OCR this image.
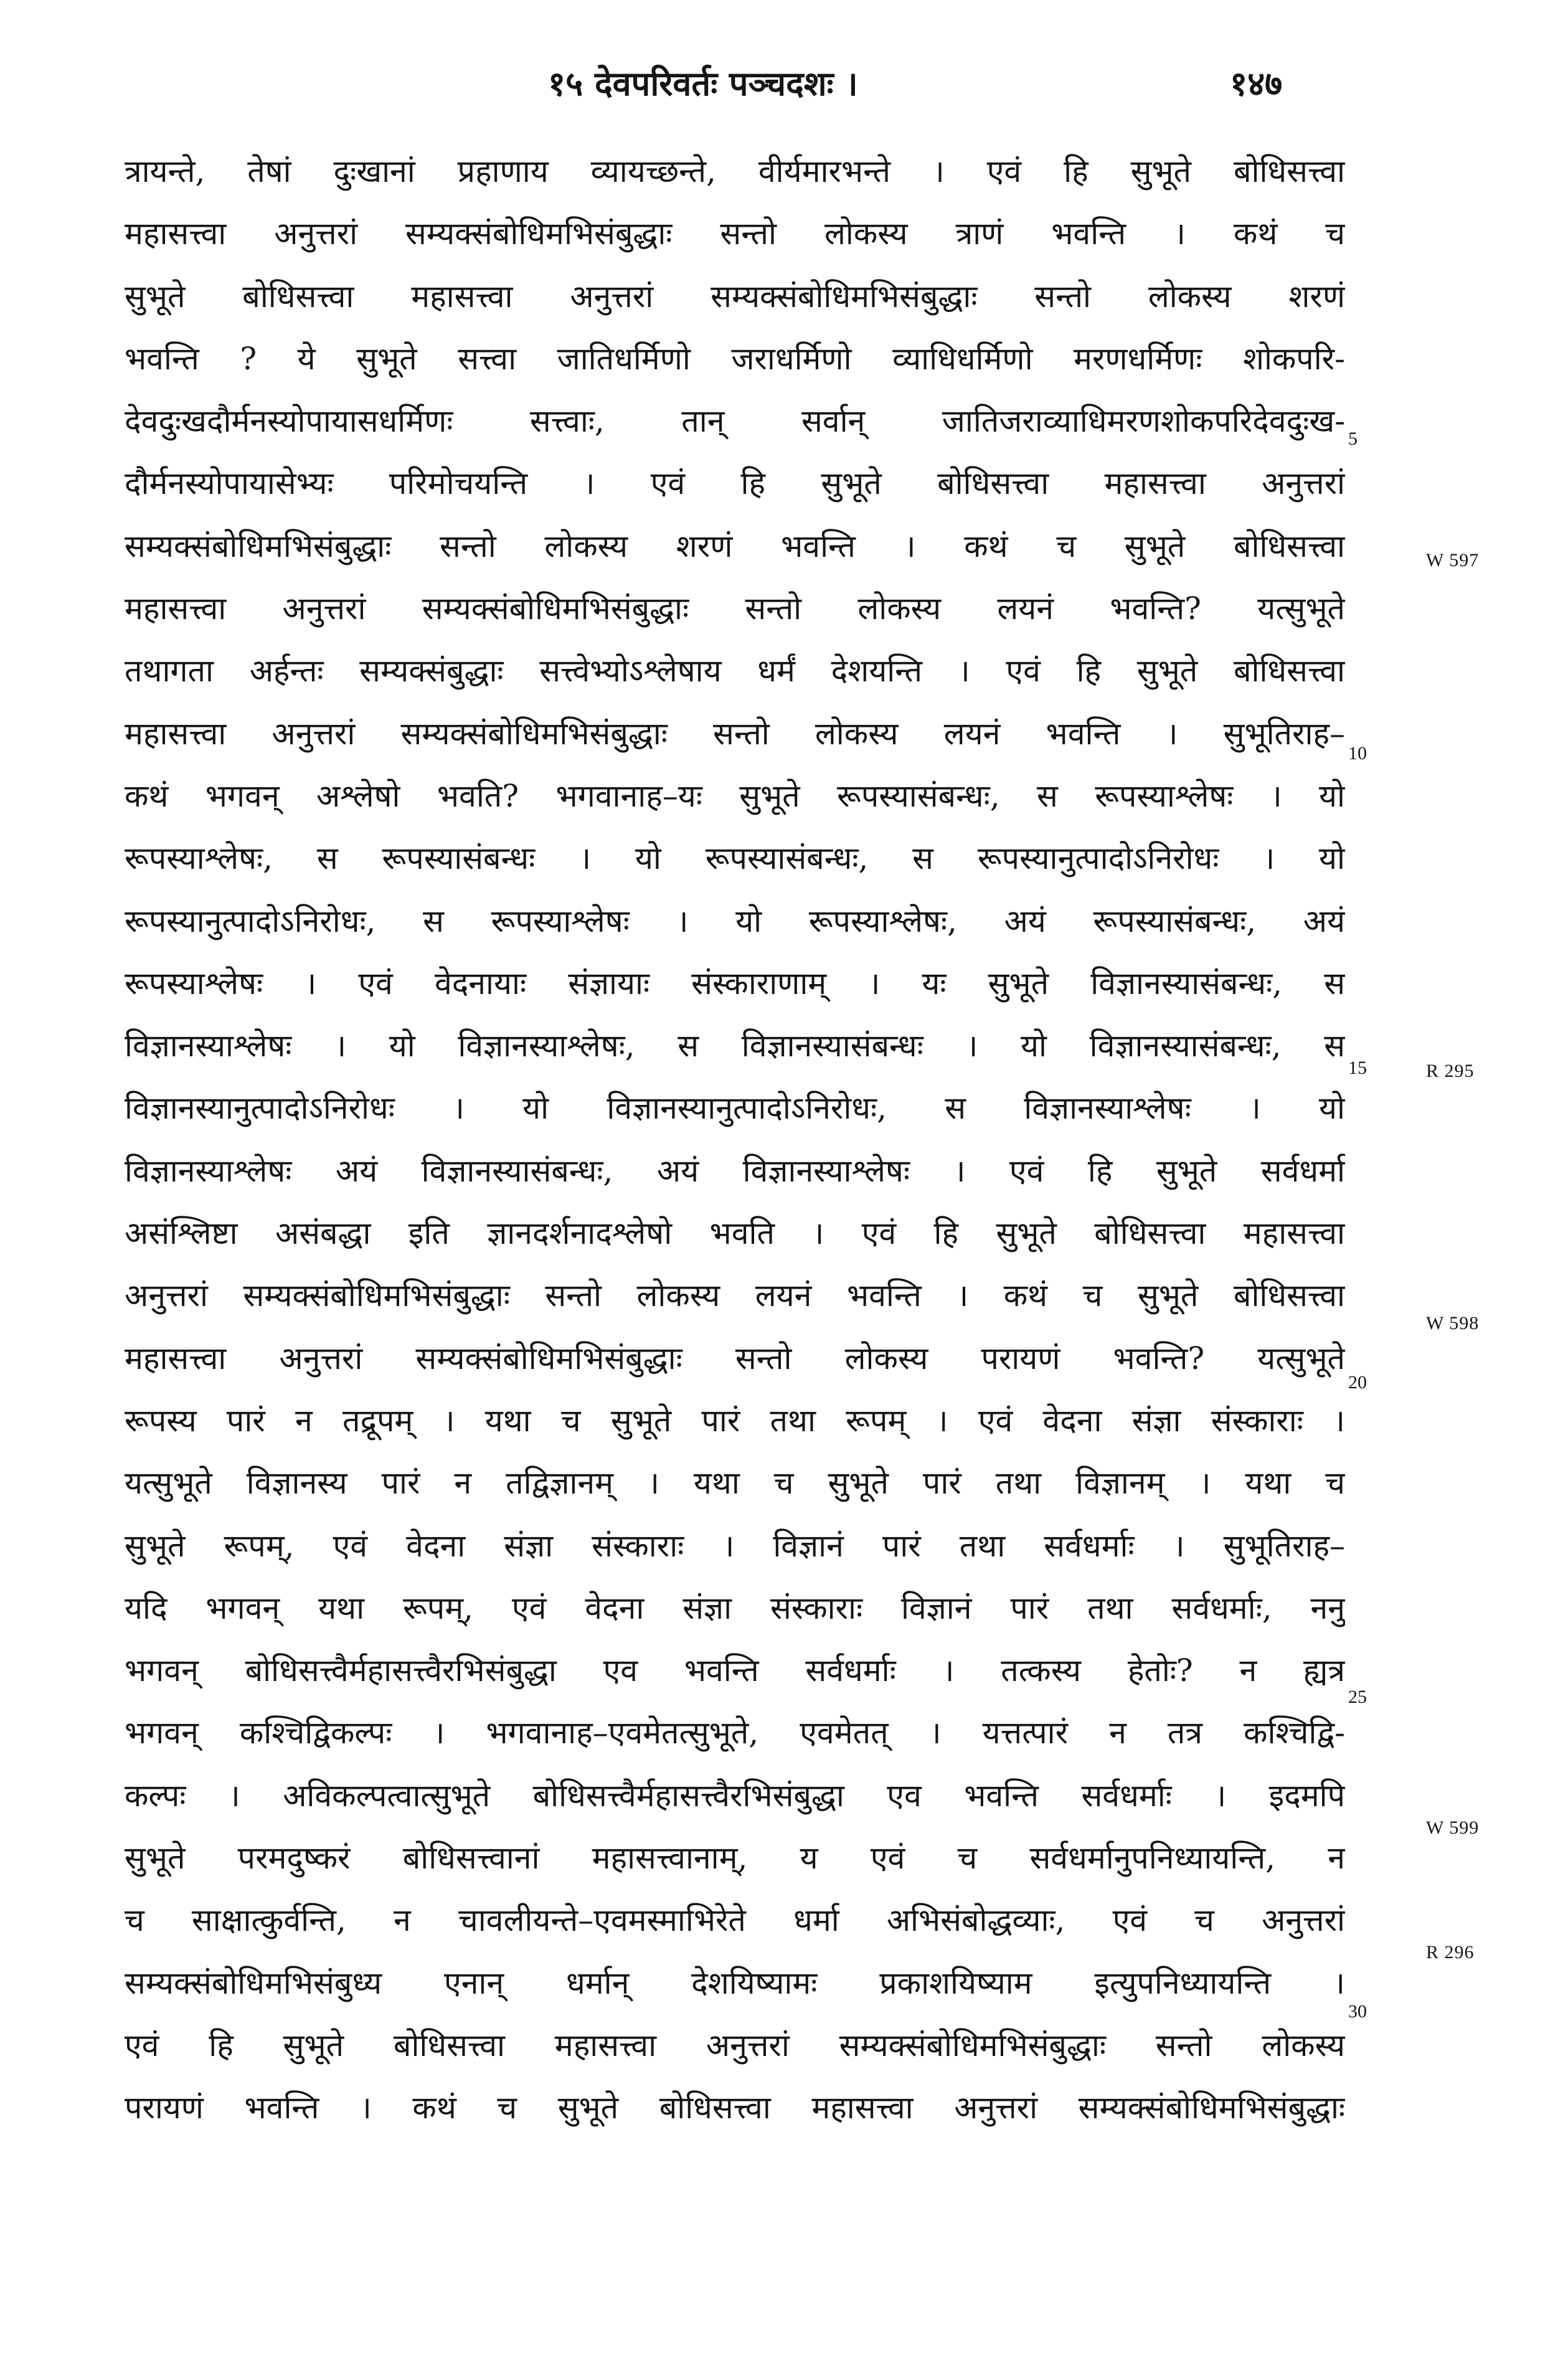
१५ देवपरिवर्तः पञ्चदशः ।	१४७
त्रायन्ते, तेषां दुःखानां प्रहाणाय व्यायच्छन्ते, वीर्यमारभन्ते । एवं हि सुभूते बोधिसत्त्वा
महासत्त्वा अनुत्तरां सम्यक्संबोधिमभिसंबुद्धाः सन्तो लोकस्य त्राणं भवन्ति । कथं च
सुभूते बोधिसत्त्वा महासत्त्वा अनुत्तरां सम्यक्संबोधिमभिसंबुद्धाः सन्तो लोकस्य शरणं
भवन्ति ? ये सुभूते सत्त्वा जातिधर्मिणो जराधर्मिणो व्याधिधर्मिणो मरणधर्मिणः शोकपरि-
देवदुःखदौर्मनस्योपायासधर्मिणः सत्त्वाः, तान् सर्वान् जातिजराव्याधिमरणशोकपरिदेवदुःख-
दौर्मनस्योपायासेभ्यः परिमोचयन्ति । एवं हि सुभूते बोधिसत्त्वा महासत्त्वा अनुत्तरां
सम्यक्संबोधिमभिसंबुद्धाः सन्तो लोकस्य शरणं भवन्ति । कथं च सुभूते बोधिसत्त्वा
महासत्त्वा अनुत्तरां सम्यक्संबोधिमभिसंबुद्धाः सन्तो लोकस्य लयनं भवन्ति? यत्सुभूते
तथागता अर्हन्तः सम्यक्संबुद्धाः सत्त्वेभ्योऽश्लेषाय धर्मं देशयन्ति । एवं हि सुभूते बोधिसत्त्वा
महासत्त्वा अनुत्तरां सम्यक्संबोधिमभिसंबुद्धाः सन्तो लोकस्य लयनं भवन्ति । सुभूतिराह–
कथं भगवन् अश्लेषो भवति? भगवानाह–यः सुभूते रूपस्यासंबन्धः, स रूपस्याश्लेषः । यो
रूपस्याश्लेषः, स रूपस्यासंबन्धः । यो रूपस्यासंबन्धः, स रूपस्यानुत्पादोऽनिरोधः । यो
रूपस्यानुत्पादोऽनिरोधः, स रूपस्याश्लेषः । यो रूपस्याश्लेषः, अयं रूपस्यासंबन्धः, अयं
रूपस्याश्लेषः । एवं वेदनायाः संज्ञायाः संस्काराणाम् । यः सुभूते विज्ञानस्यासंबन्धः, स
विज्ञानस्याश्लेषः । यो विज्ञानस्याश्लेषः, स विज्ञानस्यासंबन्धः । यो विज्ञानस्यासंबन्धः, स
विज्ञानस्यानुत्पादोऽनिरोधः । यो विज्ञानस्यानुत्पादोऽनिरोधः, स विज्ञानस्याश्लेषः । यो
विज्ञानस्याश्लेषः अयं विज्ञानस्यासंबन्धः, अयं विज्ञानस्याश्लेषः । एवं हि सुभूते सर्वधर्मा
असंश्लिष्टा असंबद्धा इति ज्ञानदर्शनादश्लेषो भवति । एवं हि सुभूते बोधिसत्त्वा महासत्त्वा
अनुत्तरां सम्यक्संबोधिमभिसंबुद्धाः सन्तो लोकस्य लयनं भवन्ति । कथं च सुभूते बोधिसत्त्वा
महासत्त्वा अनुत्तरां सम्यक्संबोधिमभिसंबुद्धाः सन्तो लोकस्य परायणं भवन्ति? यत्सुभूते
रूपस्य पारं न तद्रूपम् । यथा च सुभूते पारं तथा रूपम् । एवं वेदना संज्ञा संस्काराः ।
यत्सुभूते विज्ञानस्य पारं न तद्विज्ञानम् । यथा च सुभूते पारं तथा विज्ञानम् । यथा च
सुभूते रूपम्, एवं वेदना संज्ञा संस्काराः । विज्ञानं पारं तथा सर्वधर्माः । सुभूतिराह–
यदि भगवन् यथा रूपम्, एवं वेदना संज्ञा संस्काराः विज्ञानं पारं तथा सर्वधर्माः, ननु
भगवन् बोधिसत्त्वैर्महासत्त्वैरभिसंबुद्धा एव भवन्ति सर्वधर्माः । तत्कस्य हेतोः? न ह्यत्र
भगवन् कश्चिद्विकल्पः । भगवानाह–एवमेतत्सुभूते, एवमेतत् । यत्तत्पारं न तत्र कश्चिद्वि-
कल्पः । अविकल्पत्वात्सुभूते बोधिसत्त्वैर्महासत्त्वैरभिसंबुद्धा एव भवन्ति सर्वधर्माः । इदमपि
सुभूते परमदुष्करं बोधिसत्त्वानां महासत्त्वानाम्, य एवं च सर्वधर्मानुपनिध्यायन्ति, न
च साक्षात्कुर्वन्ति, न चावलीयन्ते–एवमस्माभिरेते धर्मा अभिसंबोद्धव्याः, एवं च अनुत्तरां
सम्यक्संबोधिमभिसंबुध्य एनान् धर्मान् देशयिष्यामः प्रकाशयिष्याम इत्युपनिध्यायन्ति ।
एवं हि सुभूते बोधिसत्त्वा महासत्त्वा अनुत्तरां सम्यक्संबोधिमभिसंबुद्धाः सन्तो लोकस्य
परायणं भवन्ति । कथं च सुभूते बोधिसत्त्वा महासत्त्वा अनुत्तरां सम्यक्संबोधिमभिसंबुद्धाः
5
10
15
20
25
30
W 597
R 295
W 598
W 599
R 296
